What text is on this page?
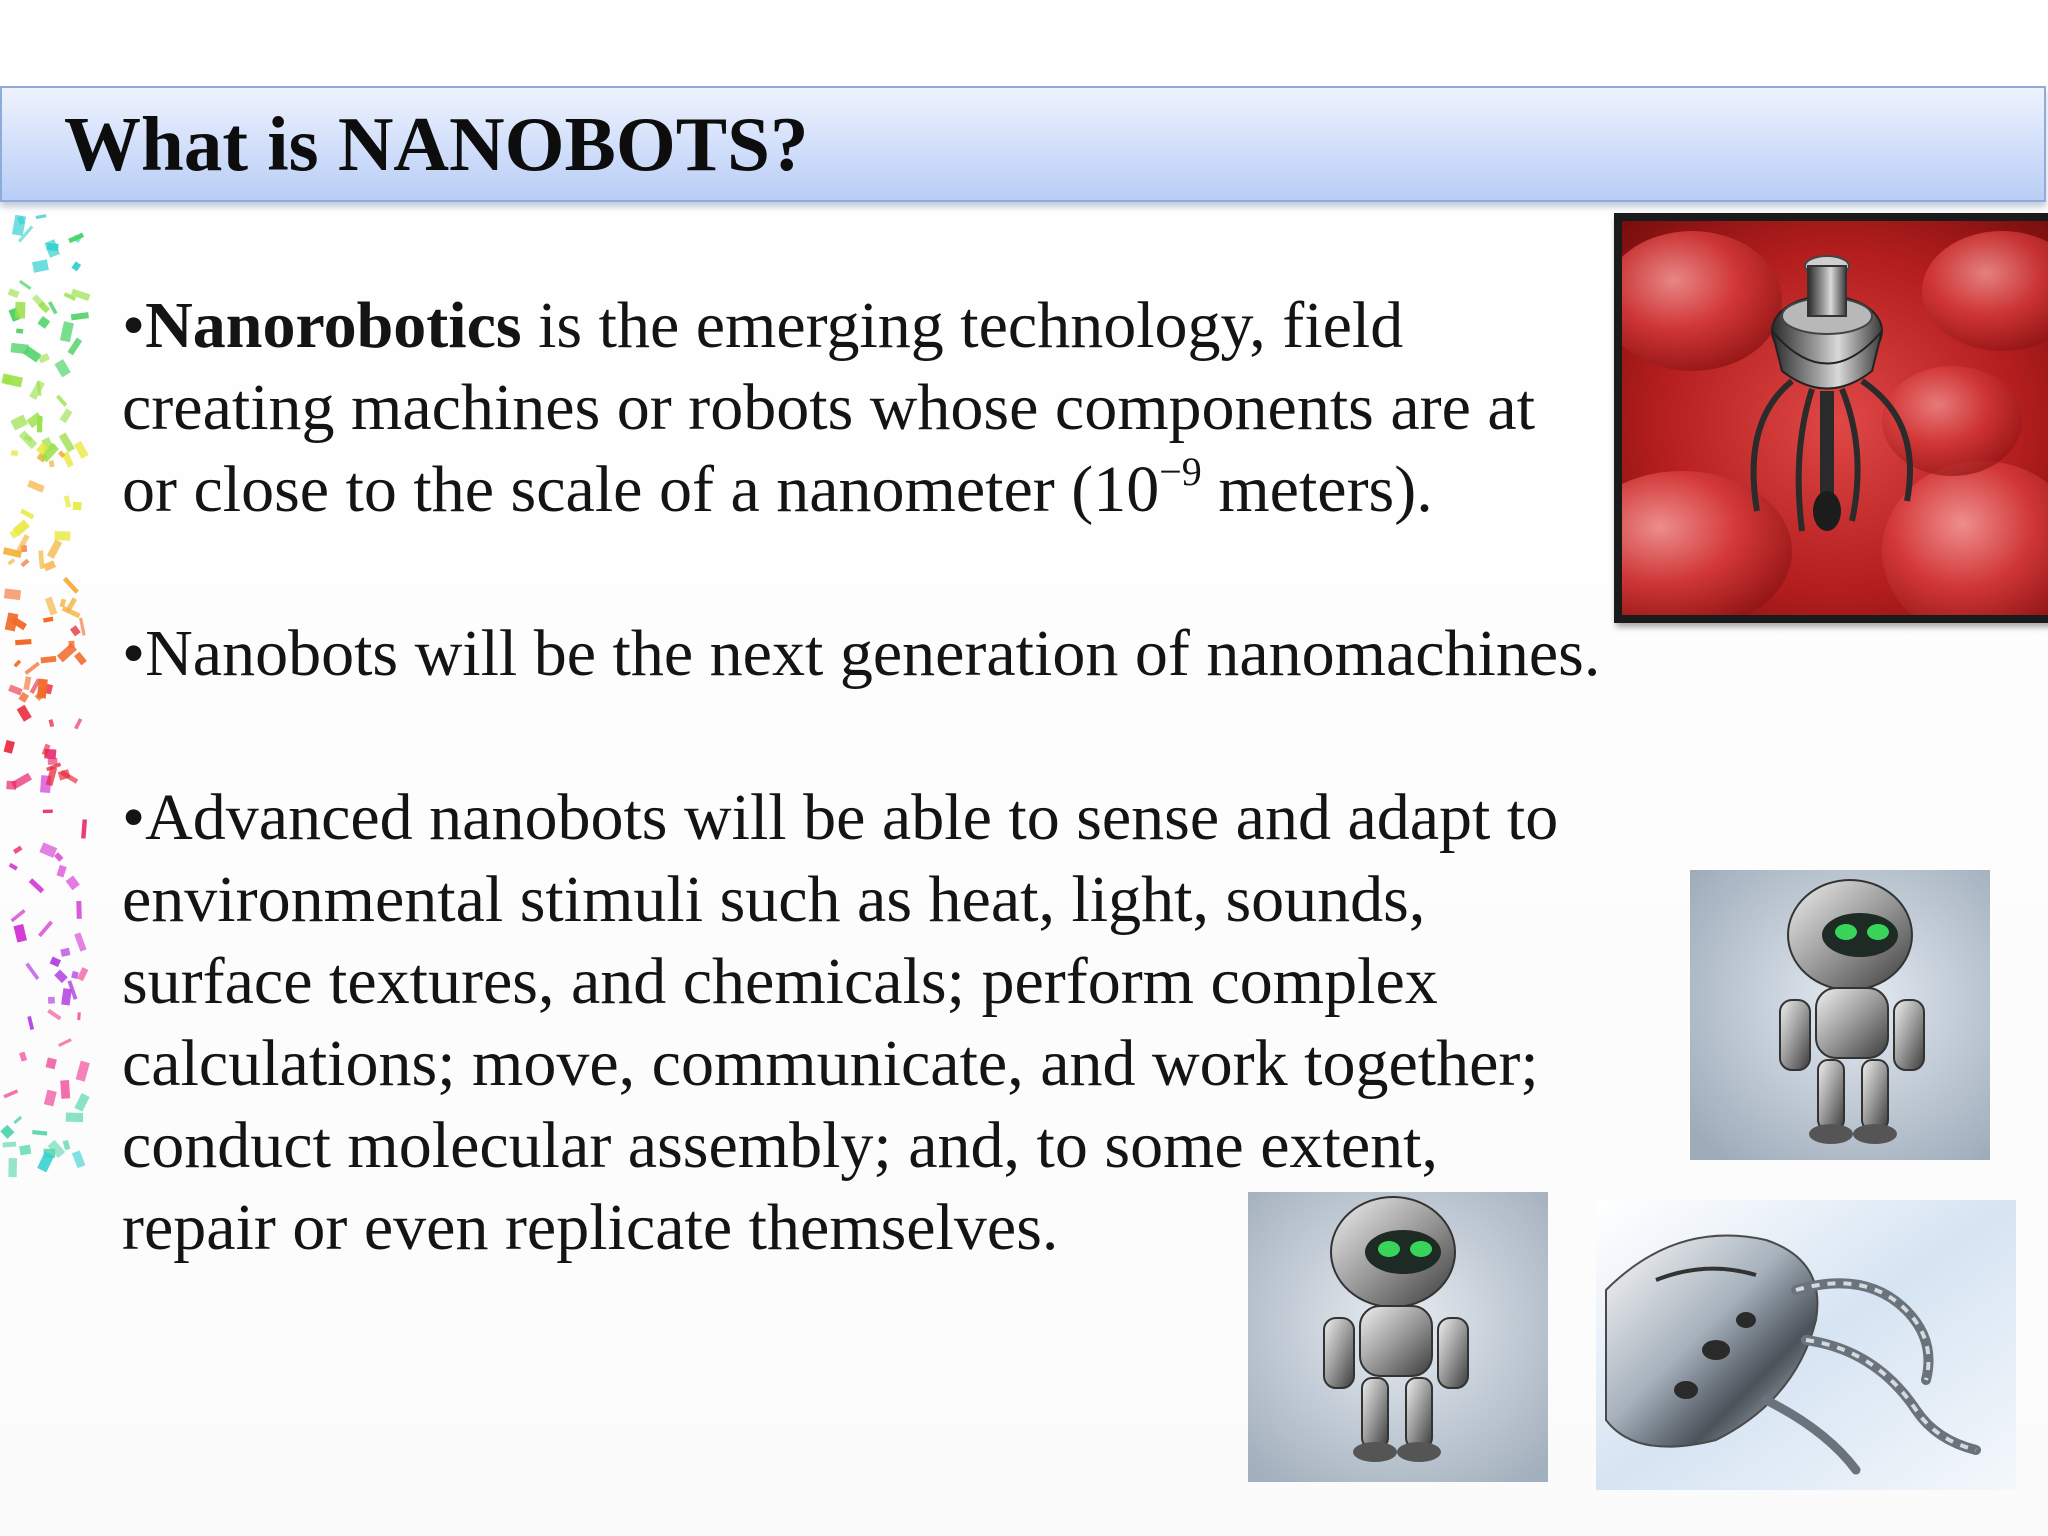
What is NANOBOTS?
•Nanorobotics is the emerging technology, field
creating machines or robots whose components are at
or close to the scale of a nanometer ($10^{-9}$ meters).
•Nanobots will be the next generation of nanomachines.
•Advanced nanobots will be able to sense and adapt to
environmental stimuli such as heat, light, sounds,
surface textures, and chemicals; perform complex
calculations; move, communicate, and work together;
conduct molecular assembly; and, to some extent,
repair or even replicate themselves.
